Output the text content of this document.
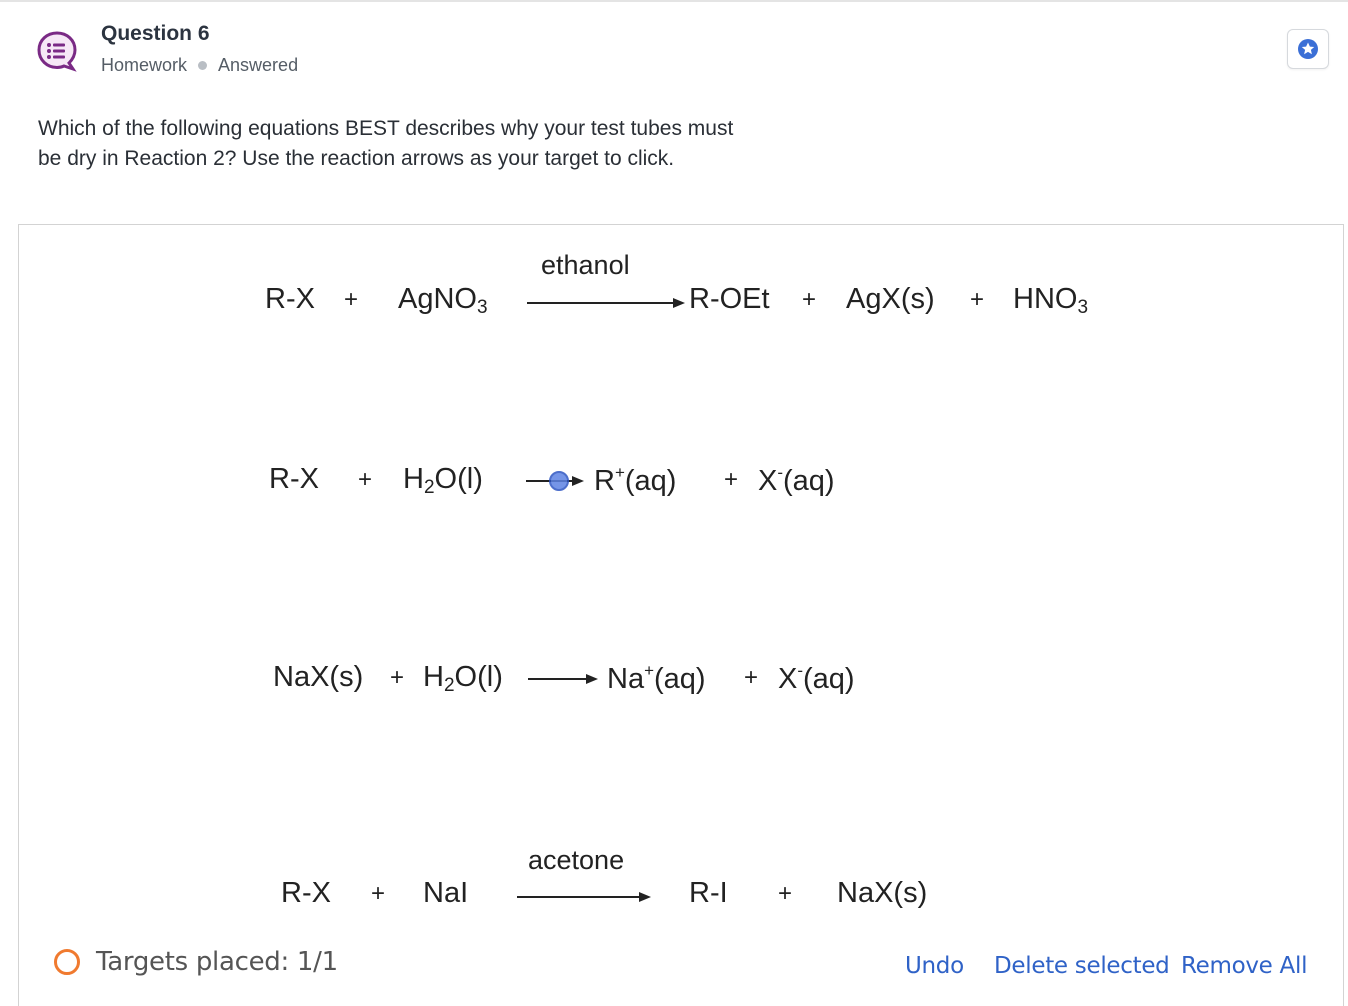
Question 6
Homework Answered
Which of the following equations BEST describes why your test tubes must
be dry in Reaction 2? Use the reaction arrows as your target to click.
R-X + AgNO$_3$
ethanol
$R-OEt + AgX(s) + HNO_3$
$R-X + H_2O(l)$	R+(aq) + X-(aq)
$NaX(s) + H_2O(l)$	Na+(aq) + X-(aq)
R-X + NaI
acetone
R-I + NaX(s)
Targets placed: 1/1	Undo Delete selected Remove All
